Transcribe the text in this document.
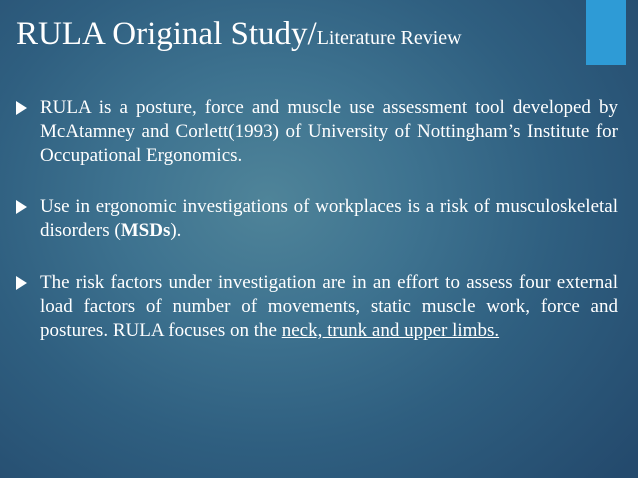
RULA Original Study/Literature Review
RULA is a posture, force and muscle use assessment tool developed by McAtamney and Corlett(1993) of University of Nottingham’s Institute for Occupational Ergonomics.
Use in ergonomic investigations of workplaces is a risk of musculoskeletal disorders (MSDs).
The risk factors under investigation are in an effort to assess four external load factors of number of movements, static muscle work, force and postures. RULA focuses on the neck, trunk and upper limbs.
